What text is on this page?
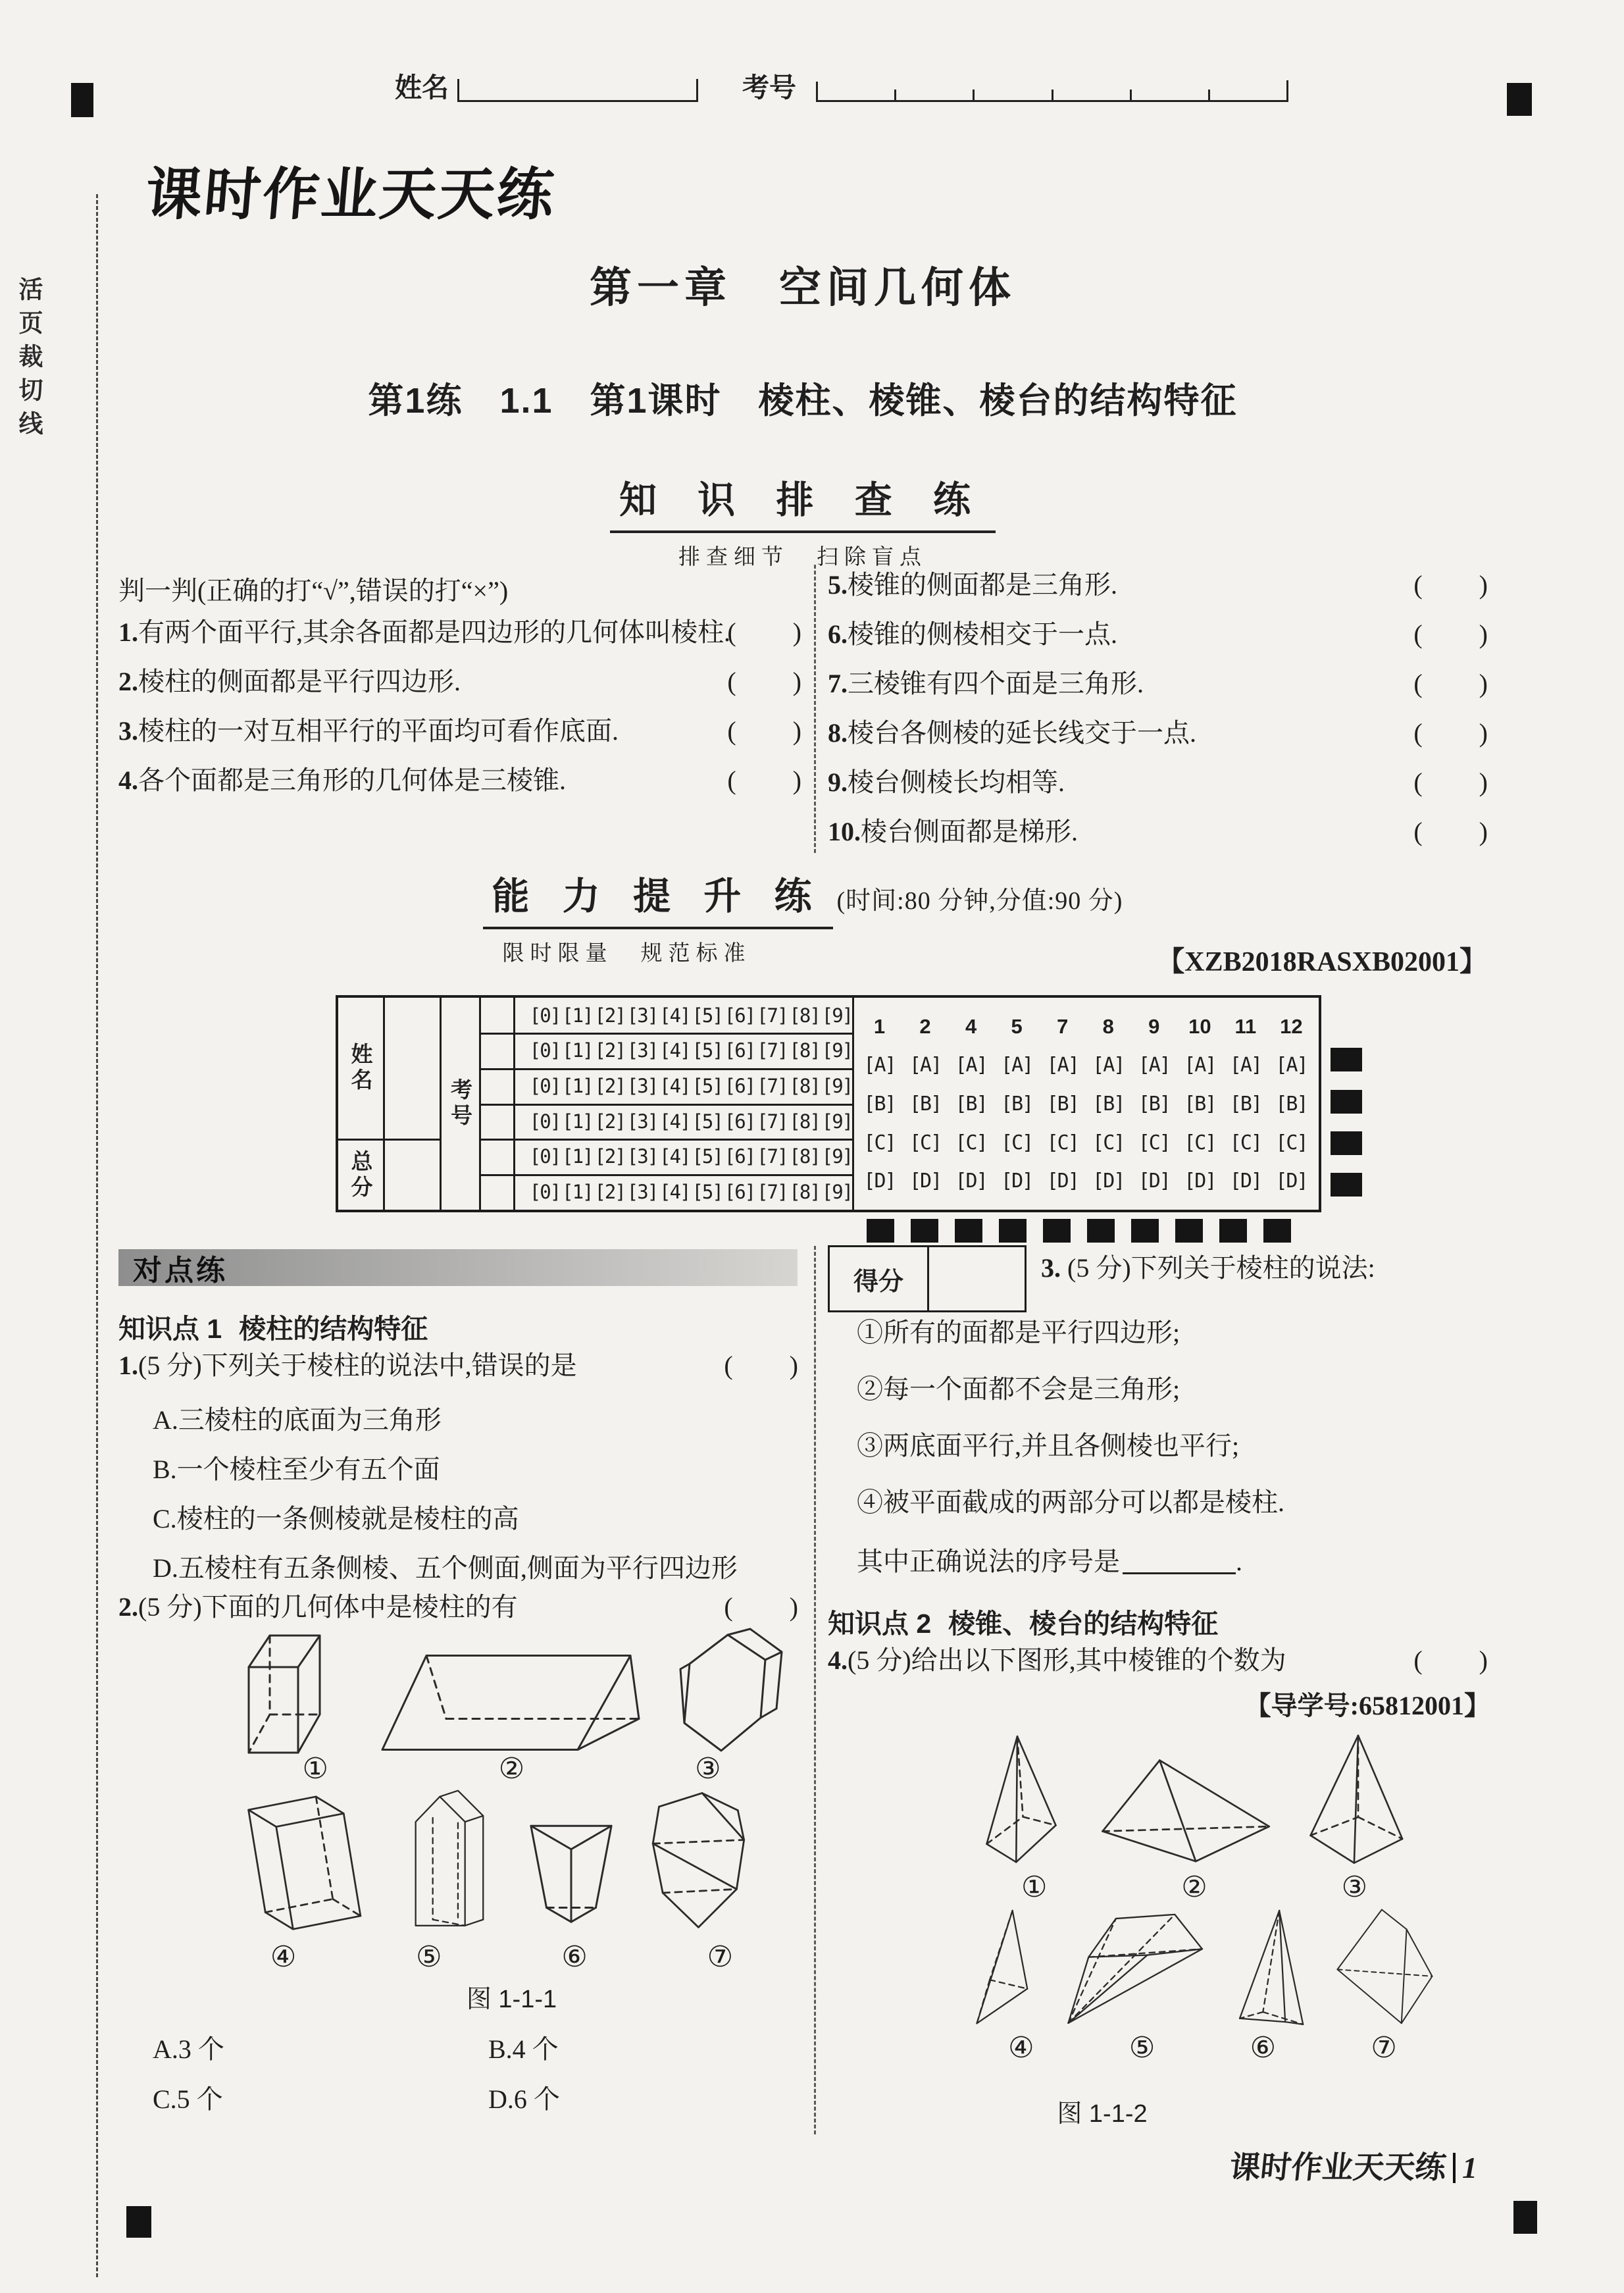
活页裁切线
姓名	考号
课时作业天天练
第一章　空间几何体
第1练　1.1　第1课时　棱柱、棱锥、棱台的结构特征
知 识 排 查 练
排查细节　扫除盲点
判一判(正确的打“√”,错误的打“×”)
1.有两个面平行,其余各面都是四边形的几何体叫棱柱.
(　　)
2.棱柱的侧面都是平行四边形.	(　　)
3.棱柱的一对互相平行的平面均可看作底面.	(　　)
4.各个面都是三角形的几何体是三棱锥.	(　　)
5.棱锥的侧面都是三角形.	(　　)
6.棱锥的侧棱相交于一点.	(　　)
7.三棱锥有四个面是三角形.	(　　)
8.棱台各侧棱的延长线交于一点.	(　　)
9.棱台侧棱长均相等.	(　　)
10.棱台侧面都是梯形.	(　　)
能 力 提 升 练 (时间:80 分钟,分值:90 分)
限时限量　规范标准	【XZB2018RASXB02001】
姓名
总分
考号
[0] [1] [2] [3] [4] [5] [6] [7] [8] [9]
[0] [1] [2] [3] [4] [5] [6] [7] [8] [9]
[0] [1] [2] [3] [4] [5] [6] [7] [8] [9]
[0] [1] [2] [3] [4] [5] [6] [7] [8] [9]
[0] [1] [2] [3] [4] [5] [6] [7] [8] [9]
[0] [1] [2] [3] [4] [5] [6] [7] [8] [9]
1	2	4	5	7	8	9	10	11	12
[A] [A] [A] [A] [A] [A] [A] [A] [A] [A]
[B] [B] [B] [B] [B] [B] [B] [B] [B] [B]
[C] [C] [C] [C] [C] [C] [C] [C] [C] [C]
[D] [D] [D] [D] [D] [D] [D] [D] [D] [D]
对点练
知识点 1 棱柱的结构特征
1. (5 分)下列关于棱柱的说法中,错误的是	(　　)
A.三棱柱的底面为三角形
B.一个棱柱至少有五个面
C.棱柱的一条侧棱就是棱柱的高
D.五棱柱有五条侧棱、五个侧面,侧面为平行四边形
2. (5 分)下面的几何体中是棱柱的有	(　　)
①	②	③
④	⑤	⑥	⑦
图 1-1-1
A.3 个	B.4 个
C.5 个	D.6 个
得分	3. (5 分)下列关于棱柱的说法:
①所有的面都是平行四边形;
②每一个面都不会是三角形;
③两底面平行,并且各侧棱也平行;
④被平面截成的两部分可以都是棱柱.
其中正确说法的序号是	.
知识点 2 棱锥、棱台的结构特征
4. (5 分)给出以下图形,其中棱锥的个数为	(　　)
【导学号:65812001】
①	②	③
④	⑤	⑥	⑦
图 1-1-2
课时作业天天练 1
